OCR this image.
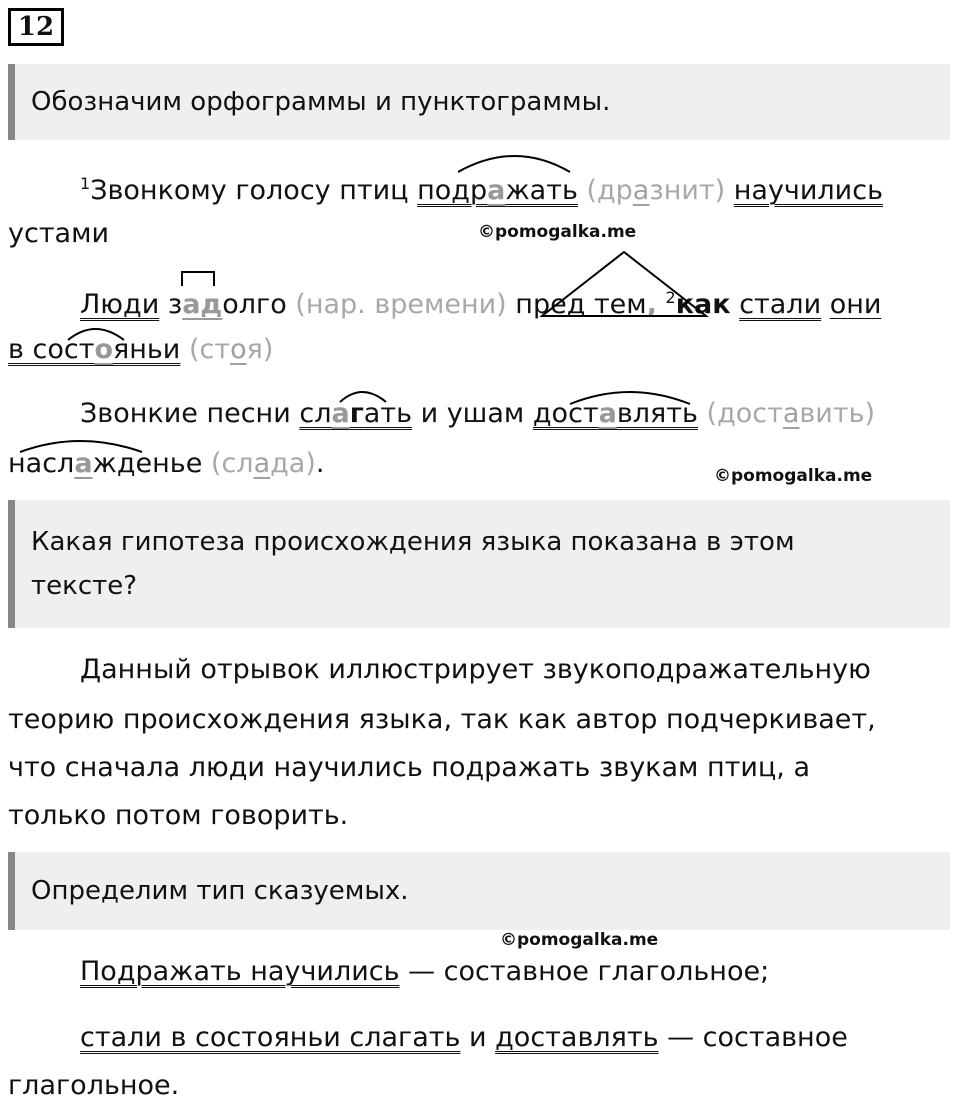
12
Обозначим орфограммы и пунктограммы.
$^1$Звонкому голосу птиц подражать (дразнит) научились
устами	©pomogalka.me
Люди задолго (нар. времени) пред тем, $^2$как стали они
в состояньи (стоя)
Звонкие песни слагать и ушам доставлять (доставить)
наслажденье (слада).	©pomogalka.me
Какая гипотеза происхождения языка показана в этом
тексте?
Данный отрывок иллюстрирует звукоподражательную
теорию происхождения языка, так как автор подчеркивает,
что сначала люди научились подражать звукам птиц, а
только потом говорить.
Определим тип сказуемых.
©pomogalka.me
Подражать научились — составное глагольное;
стали в состояньи слагать и доставлять — составное
глагольное.
